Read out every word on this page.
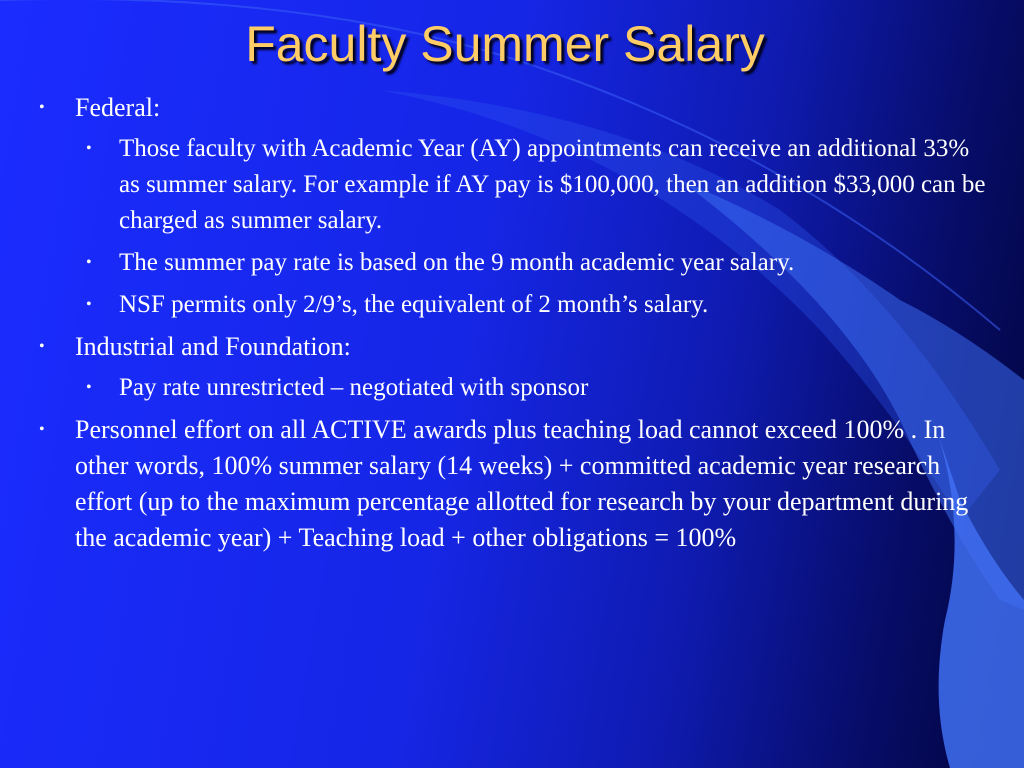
Faculty Summer Salary
• Federal:
• Those faculty with Academic Year (AY) appointments can receive an additional 33% as summer salary. For example if AY pay is $100,000, then an addition $33,000 can be charged as summer salary.
• The summer pay rate is based on the 9 month academic year salary.
• NSF permits only 2/9’s, the equivalent of 2 month’s salary.
• Industrial and Foundation:
• Pay rate unrestricted – negotiated with sponsor
• Personnel effort on all ACTIVE awards plus teaching load cannot exceed 100% . In other words, 100% summer salary (14 weeks) + committed academic year research effort (up to the maximum percentage allotted for research by your department during the academic year) + Teaching load + other obligations = 100%
